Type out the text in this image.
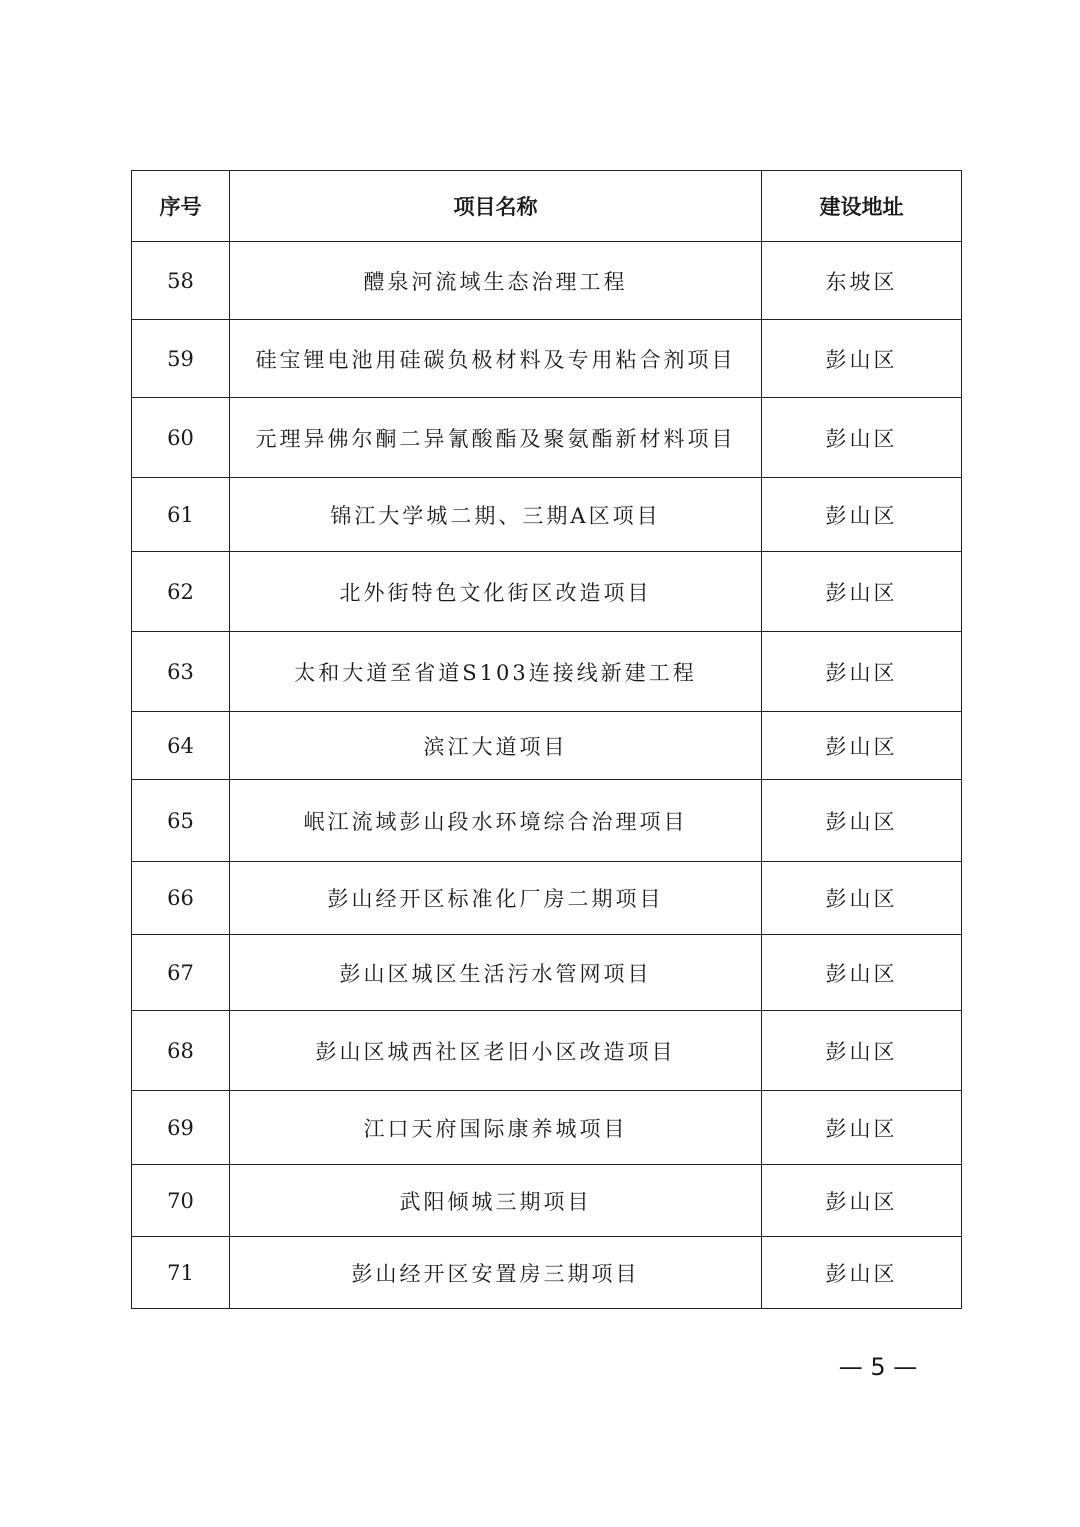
序号	项目名称	建设地址
58	醴泉河流域生态治理工程	东坡区
59	硅宝锂电池用硅碳负极材料及专用粘合剂项目	彭山区
60	元理异佛尔酮二异氰酸酯及聚氨酯新材料项目	彭山区
61	锦江大学城二期、三期A区项目	彭山区
62	北外街特色文化街区改造项目	彭山区
63	太和大道至省道S103连接线新建工程	彭山区
64	滨江大道项目	彭山区
65	岷江流域彭山段水环境综合治理项目	彭山区
66	彭山经开区标准化厂房二期项目	彭山区
67	彭山区城区生活污水管网项目	彭山区
68	彭山区城西社区老旧小区改造项目	彭山区
69	江口天府国际康养城项目	彭山区
70	武阳倾城三期项目	彭山区
71	彭山经开区安置房三期项目	彭山区
— 5 —
